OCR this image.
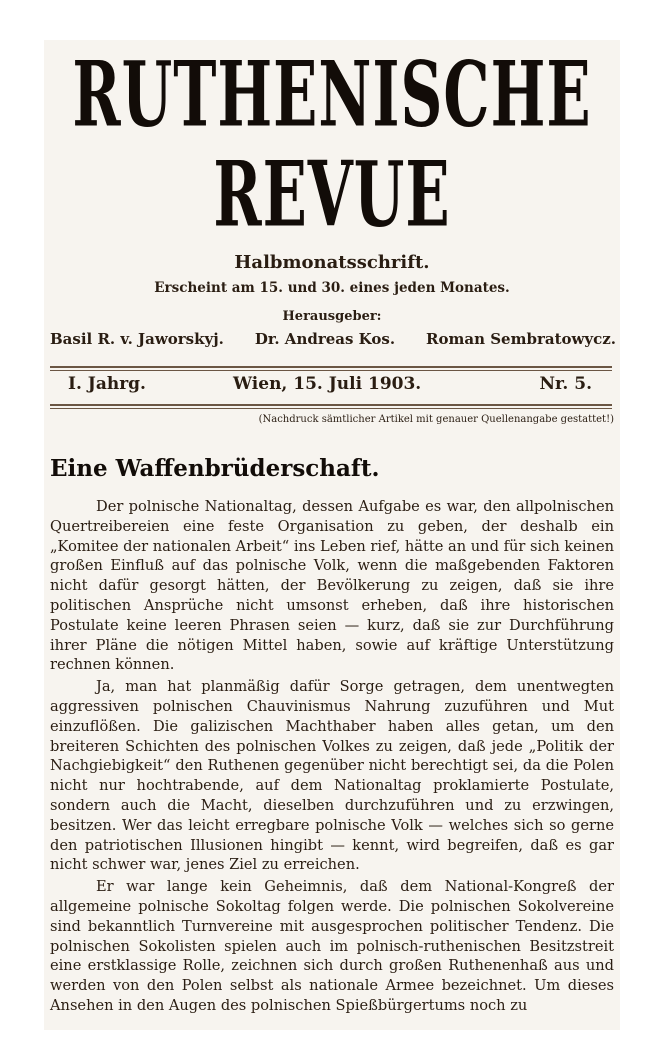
RUTHENISCHE
REVUE
Halbmonatsschrift.
Erscheint am 15. und 30. eines jeden Monates.
Herausgeber:
Basil R. v. Jaworskyj. Dr. Andreas Kos. Roman Sembratowycz.
I. Jahrg.	Wien, 15. Juli 1903.	Nr. 5.
(Nachdruck sämtlicher Artikel mit genauer Quellenangabe gestattet!)
Eine Waffenbrüderschaft.

Der polnische Nationaltag, dessen Aufgabe es war, den allpolnischen Quertreibereien eine feste Organisation zu geben, der deshalb ein „Komitee der nationalen Arbeit“ ins Leben rief, hätte an und für sich keinen großen Einfluß auf das polnische Volk, wenn die maßgebenden Faktoren nicht dafür gesorgt hätten, der Bevölkerung zu zeigen, daß sie ihre politischen Ansprüche nicht umsonst erheben, daß ihre historischen Postulate keine leeren Phrasen seien — kurz, daß sie zur Durchführung ihrer Pläne die nötigen Mittel haben, sowie auf kräftige Unterstützung rechnen können.

Ja, man hat planmäßig dafür Sorge getragen, dem unentwegten aggressiven polnischen Chauvinismus Nahrung zuzuführen und Mut einzuflößen. Die galizischen Machthaber haben alles getan, um den breiteren Schichten des polnischen Volkes zu zeigen, daß jede „Politik der Nachgiebigkeit“ den Ruthenen gegenüber nicht berechtigt sei, da die Polen nicht nur hochtrabende, auf dem Nationaltag proklamierte Postulate, sondern auch die Macht, dieselben durchzuführen und zu erzwingen, besitzen. Wer das leicht erregbare polnische Volk — welches sich so gerne den patriotischen Illusionen hingibt — kennt, wird begreifen, daß es gar nicht schwer war, jenes Ziel zu erreichen.

Er war lange kein Geheimnis, daß dem National-Kongreß der allgemeine polnische Sokoltag folgen werde. Die polnischen Sokolvereine sind bekanntlich Turnvereine mit ausgesprochen politischer Tendenz. Die polnischen Sokolisten spielen auch im polnisch-ruthenischen Besitzstreit eine erstklassige Rolle, zeichnen sich durch großen Ruthenenhaß aus und werden von den Polen selbst als nationale Armee bezeichnet. Um dieses Ansehen in den Augen des polnischen Spießbürgertums noch zu
